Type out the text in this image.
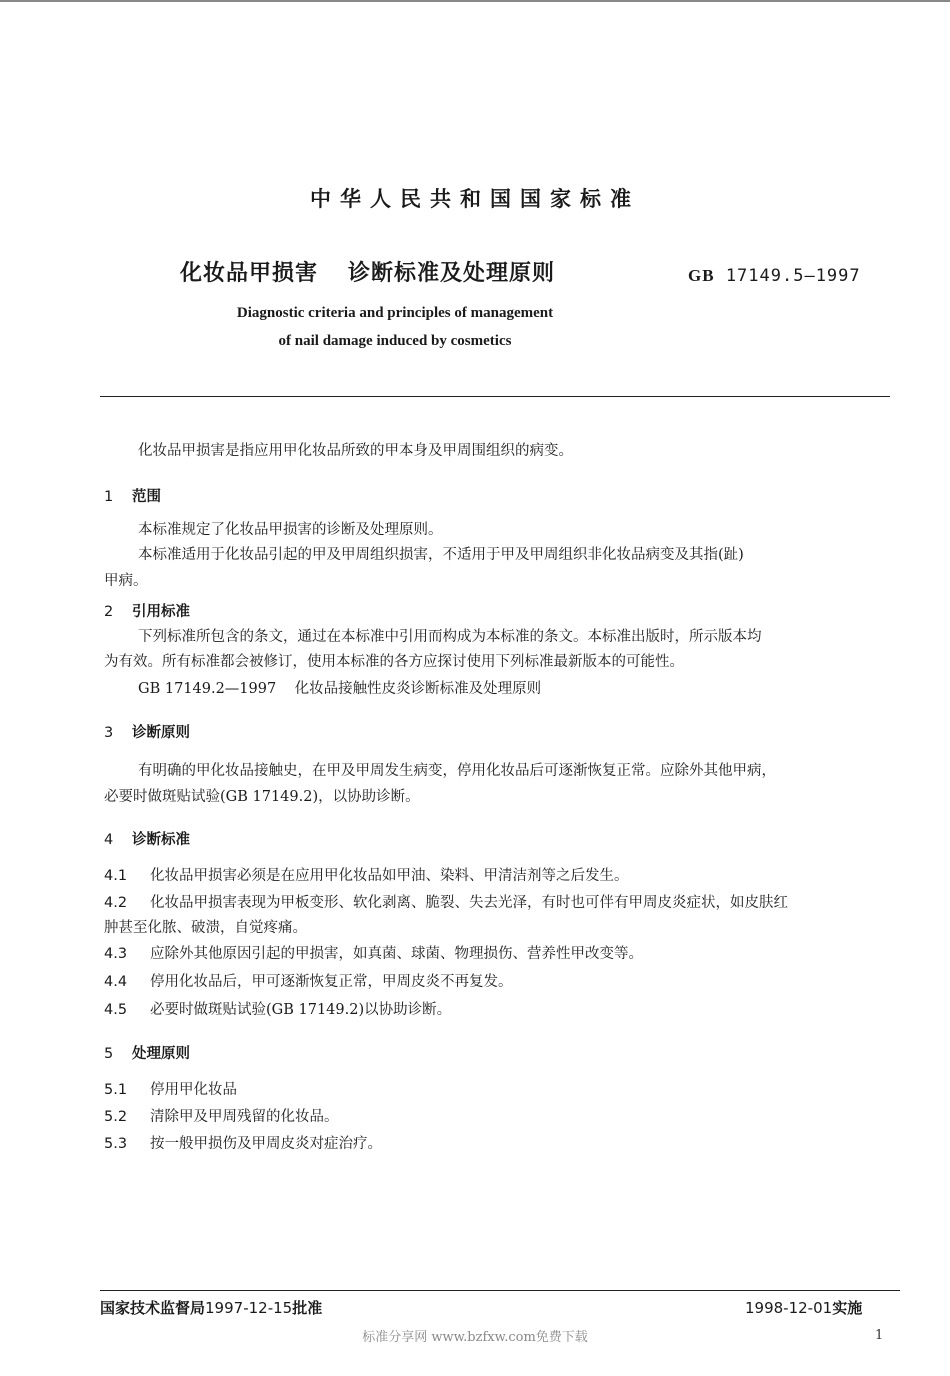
中华人民共和国国家标准
化妆品甲损害 诊断标准及处理原则	GB 17149.5—1997
Diagnostic criteria and principles of management
of nail damage induced by cosmetics
化妆品甲损害是指应用甲化妆品所致的甲本身及甲周围组织的病变。
1 范围
本标准规定了化妆品甲损害的诊断及处理原则。
本标准适用于化妆品引起的甲及甲周组织损害，不适用于甲及甲周组织非化妆品病变及其指(趾)
甲病。
2 引用标准
下列标准所包含的条文，通过在本标准中引用而构成为本标准的条文。本标准出版时，所示版本均
为有效。所有标准都会被修订，使用本标准的各方应探讨使用下列标准最新版本的可能性。
GB 17149.2—1997    化妆品接触性皮炎诊断标准及处理原则
3 诊断原则
有明确的甲化妆品接触史，在甲及甲周发生病变，停用化妆品后可逐渐恢复正常。应除外其他甲病，
必要时做斑贴试验(GB 17149.2)，以协助诊断。
4 诊断标准
4.1 化妆品甲损害必须是在应用甲化妆品如甲油、染料、甲清洁剂等之后发生。
4.2 化妆品甲损害表现为甲板变形、软化剥离、脆裂、失去光泽，有时也可伴有甲周皮炎症状，如皮肤红
肿甚至化脓、破溃，自觉疼痛。
4.3 应除外其他原因引起的甲损害，如真菌、球菌、物理损伤、营养性甲改变等。
4.4 停用化妆品后，甲可逐渐恢复正常，甲周皮炎不再复发。
4.5 必要时做斑贴试验(GB 17149.2)以协助诊断。
5 处理原则
5.1 停用甲化妆品
5.2 清除甲及甲周残留的化妆品。
5.3 按一般甲损伤及甲周皮炎对症治疗。
国家技术监督局1997-12-15批准	1998-12-01实施
标准分享网 www.bzfxw.com免费下载	1
